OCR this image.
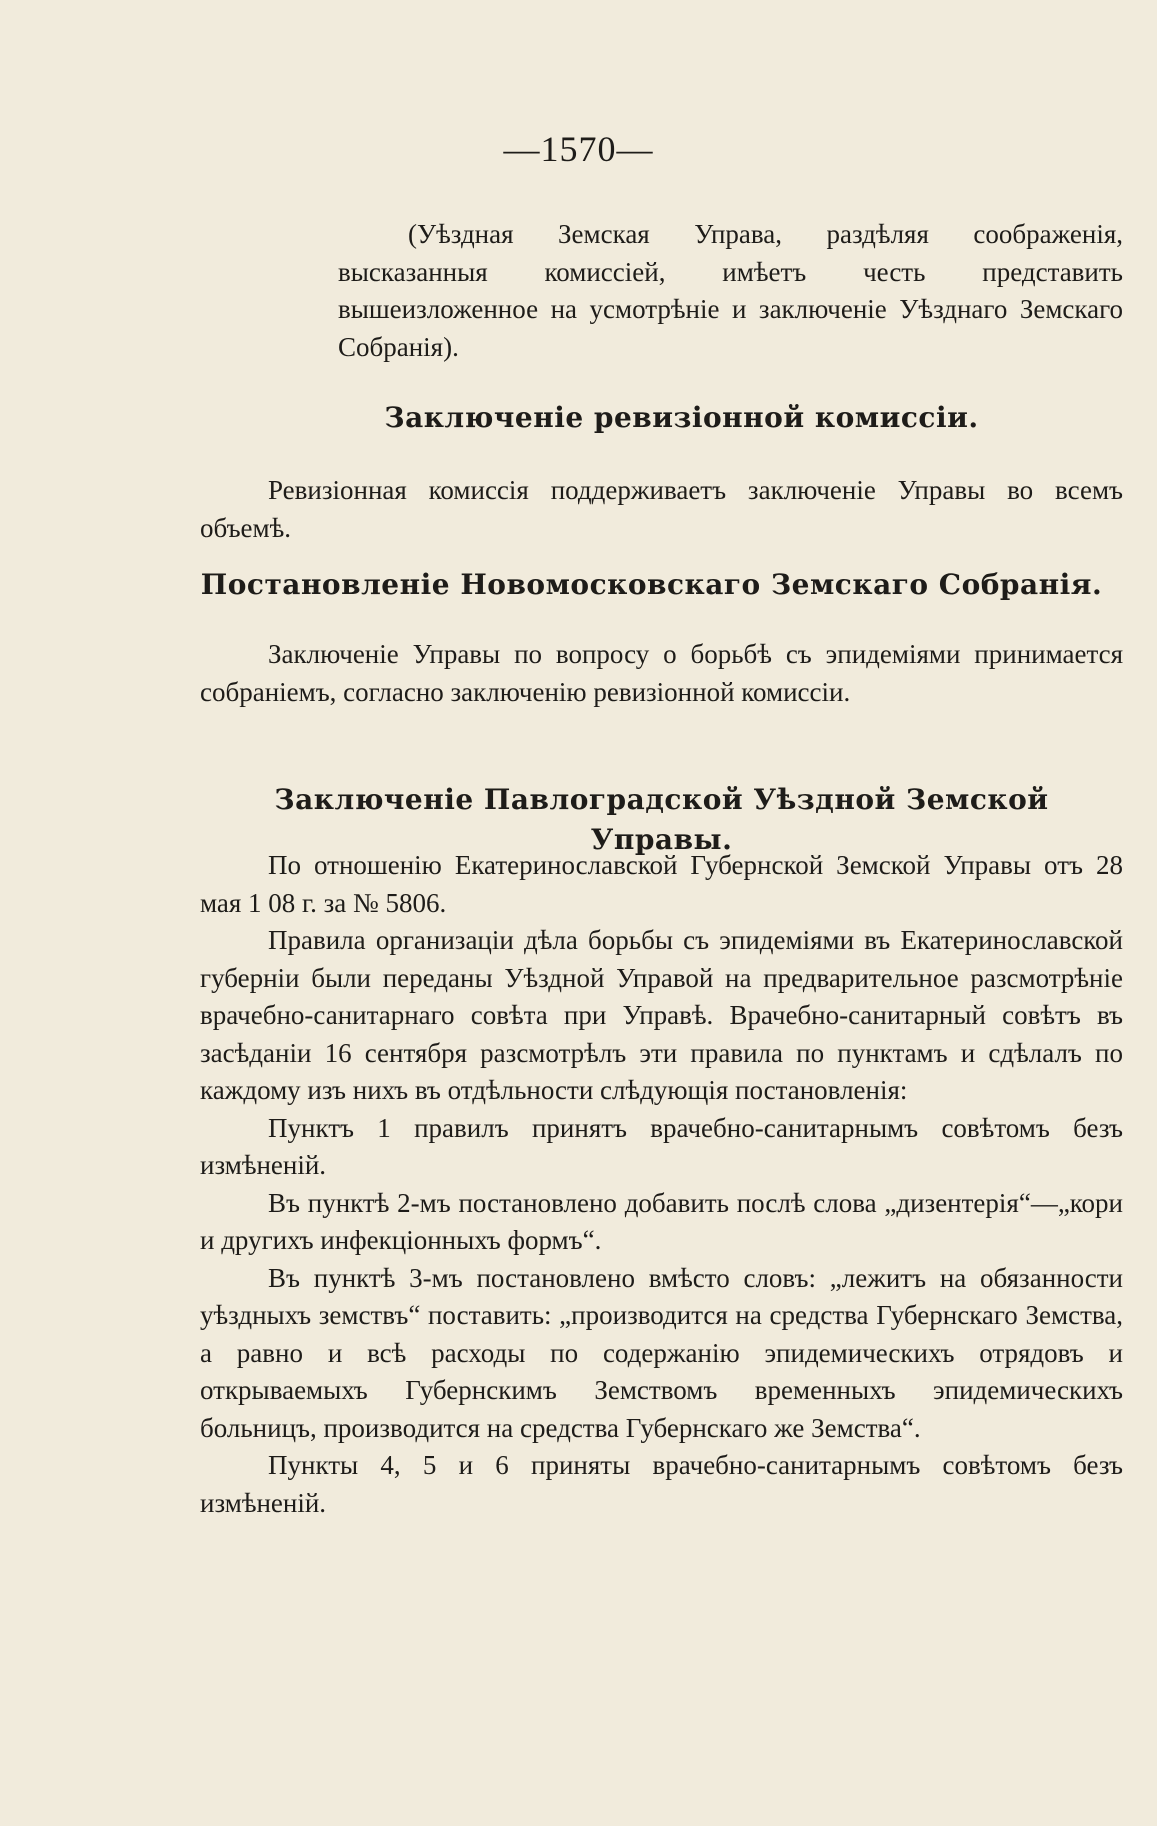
—1570—

(Уѣздная Земская Управа, раздѣляя соображенія, высказанныя комиссіей, имѣетъ честь представить вышеизложенное на усмотрѣніе и заключеніе Уѣзднаго Земскаго Собранія).

Заключеніе ревизіонной комиссіи.

Ревизіонная комиссія поддерживаетъ заключеніе Управы во всемъ объемѣ.

Постановленіе Новомосковскаго Земскаго Собранія.

Заключеніе Управы по вопросу о борьбѣ съ эпидеміями принимается собраніемъ, согласно заключенію ревизіонной комиссіи.

Заключеніе Павлоградской Уѣздной Земской Управы.

По отношенію Екатеринославской Губернской Земской Управы отъ 28 мая 1 08 г. за № 5806.

Правила организаціи дѣла борьбы съ эпидеміями въ Екатеринославской губерніи были переданы Уѣздной Управой на предварительное разсмотрѣніе врачебно-санитарнаго совѣта при Управѣ. Врачебно-санитарный совѣтъ въ засѣданіи 16 сентября разсмотрѣлъ эти правила по пунктамъ и сдѣлалъ по каждому изъ нихъ въ отдѣльности слѣдующія постановленія:

Пунктъ 1 правилъ принятъ врачебно-санитарнымъ совѣтомъ безъ измѣненій.

Въ пунктѣ 2-мъ постановлено добавить послѣ слова „дизентерія“—„кори и другихъ инфекціонныхъ формъ“.

Въ пунктѣ 3-мъ постановлено вмѣсто словъ: „лежитъ на обязанности уѣздныхъ земствъ“ поставить: „производится на средства Губернскаго Земства, а равно и всѣ расходы по содержанію эпидемическихъ отрядовъ и открываемыхъ Губернскимъ Земствомъ временныхъ эпидемическихъ больницъ, производится на средства Губернскаго же Земства“.

Пункты 4, 5 и 6 приняты врачебно-санитарнымъ совѣтомъ безъ измѣненій.
